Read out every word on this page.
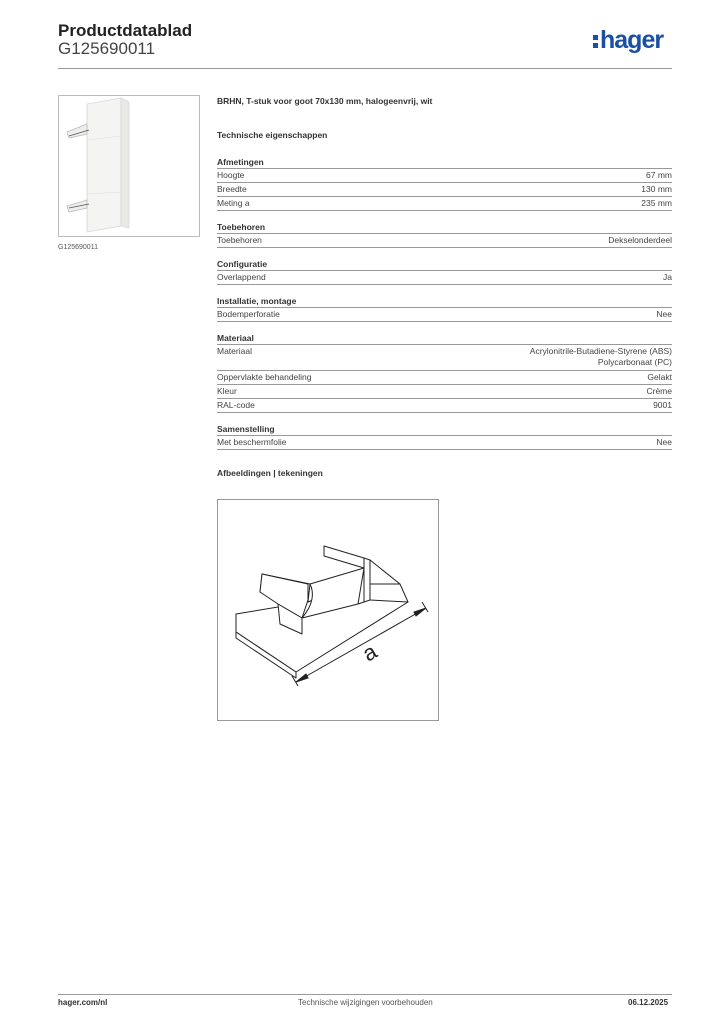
Productdatablad
G125690011	hager
G125690011
BRHN, T-stuk voor goot 70x130 mm, halogeenvrij, wit
Technische eigenschappen
Afmetingen
Hoogte	67 mm
Breedte	130 mm
Meting a	235 mm
Toebehoren
Toebehoren	Dekselonderdeel
Configuratie
Overlappend	Ja
Installatie, montage
Bodemperforatie	Nee
Materiaal
Materiaal	Acrylonitrile-Butadiene-Styrene (ABS)
Polycarbonaat (PC)
Oppervlakte behandeling	Gelakt
Kleur	Crème
RAL-code	9001
Samenstelling
Met beschermfolie	Nee
Afbeeldingen | tekeningen
a
hager.com/nl	Technische wijzigingen voorbehouden	06.12.2025
